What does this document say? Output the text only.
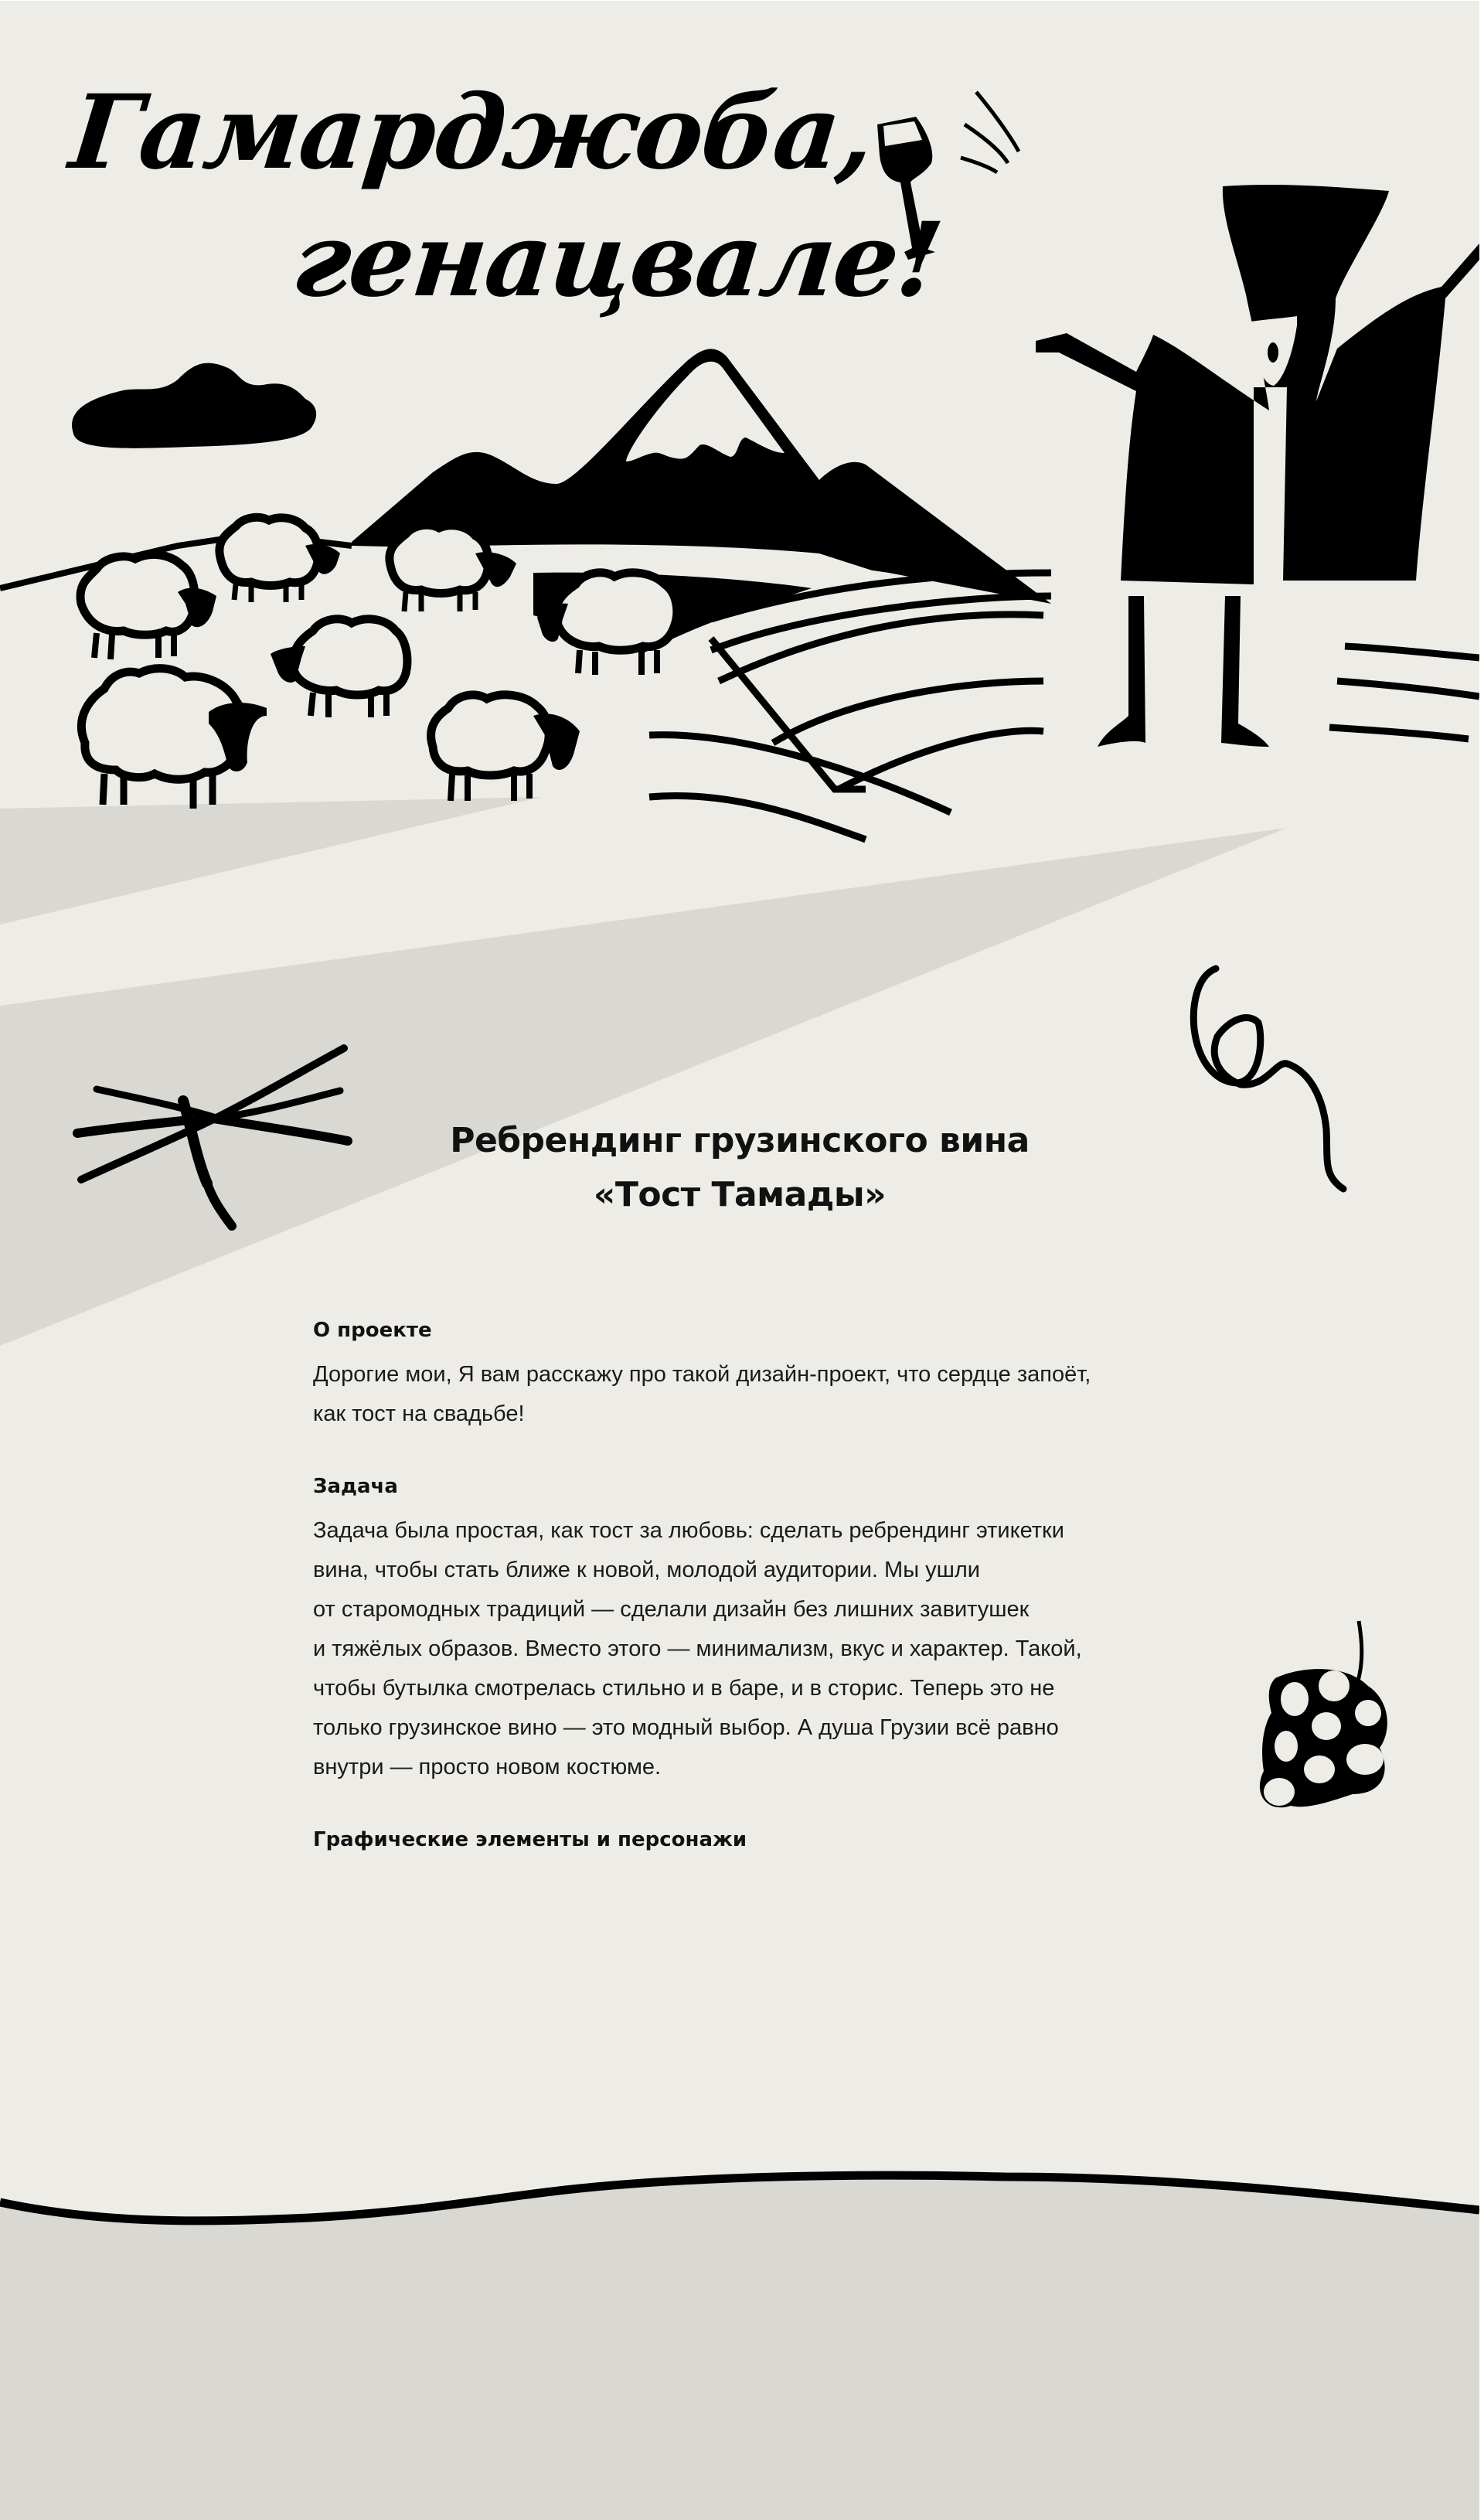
Гамарджоба,
генацвале!
Ребрендинг грузинского вина
«Тост Тамады»
О проекте

Дорогие мои, Я вам расскажу про такой дизайн-проект, что сердце запоёт,
как тост на свадьбе!

Задача

Задача была простая, как тост за любовь: сделать ребрендинг этикетки
вина, чтобы стать ближе к новой, молодой аудитории. Мы ушли
от старомодных традиций — сделали дизайн без лишних завитушек
и тяжёлых образов. Вместо этого — минимализм, вкус и характер. Такой,
чтобы бутылка смотрелась стильно и в баре, и в сторис. Теперь это не
только грузинское вино — это модный выбор. А душа Грузии всё равно
внутри — просто новом костюме.

Графические элементы и персонажи
